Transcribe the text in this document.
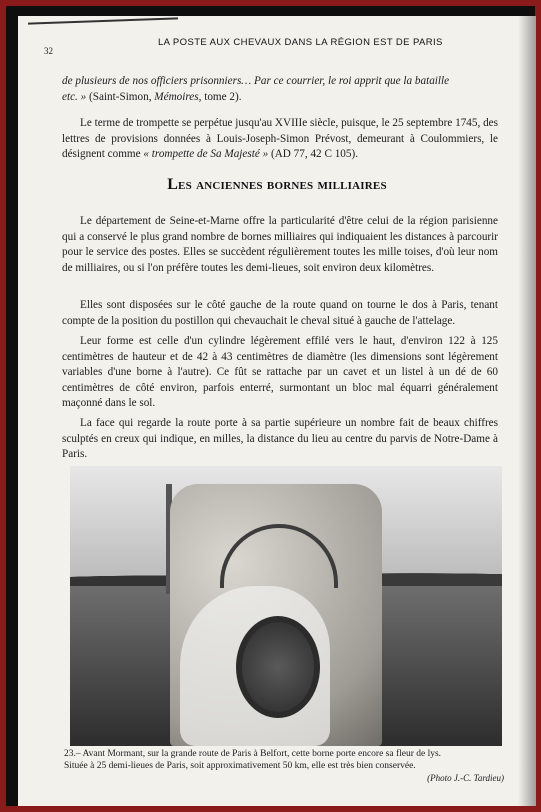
32
LA POSTE AUX CHEVAUX DANS LA RÉGION EST DE PARIS

de plusieurs de nos officiers prisonniers… Par ce courrier, le roi apprit que la bataille
etc. » (Saint-Simon, Mémoires, tome 2).

Le terme de trompette se perpétue jusqu'au XVIIIe siècle, puisque, le 25 septembre 1745, des lettres de provisions données à Louis-Joseph-Simon Prévost, demeurant à Coulommiers, le désignent comme « trompette de Sa Majesté » (AD 77, 42 C 105).

Les anciennes bornes milliaires

Le département de Seine-et-Marne offre la particularité d'être celui de la région parisienne qui a conservé le plus grand nombre de bornes milliaires qui indiquaient les distances à parcourir pour le service des postes. Elles se succèdent régulièrement toutes les mille toises, d'où leur nom de milliaires, ou si l'on préfère toutes les demi-lieues, soit environ deux kilomètres.

Elles sont disposées sur le côté gauche de la route quand on tourne le dos à Paris, tenant compte de la position du postillon qui chevauchait le cheval situé à gauche de l'attelage.

Leur forme est celle d'un cylindre légèrement effilé vers le haut, d'environ 122 à 125 centimètres de hauteur et de 42 à 43 centimètres de diamètre (les dimensions sont légèrement variables d'une borne à l'autre). Ce fût se rattache par un cavet et un listel à un dé de 60 centimètres de côté environ, parfois enterré, surmontant un bloc mal équarri généralement maçonné dans le sol.

La face qui regarde la route porte à sa partie supérieure un nombre fait de beaux chiffres sculptés en creux qui indique, en milles, la distance du lieu au centre du parvis de Notre-Dame à Paris.

23.– Avant Mormant, sur la grande route de Paris à Belfort, cette borne porte encore sa fleur de lys.
Située à 25 demi-lieues de Paris, soit approximativement 50 km, elle est très bien conservée.
(Photo J.-C. Tardieu)
